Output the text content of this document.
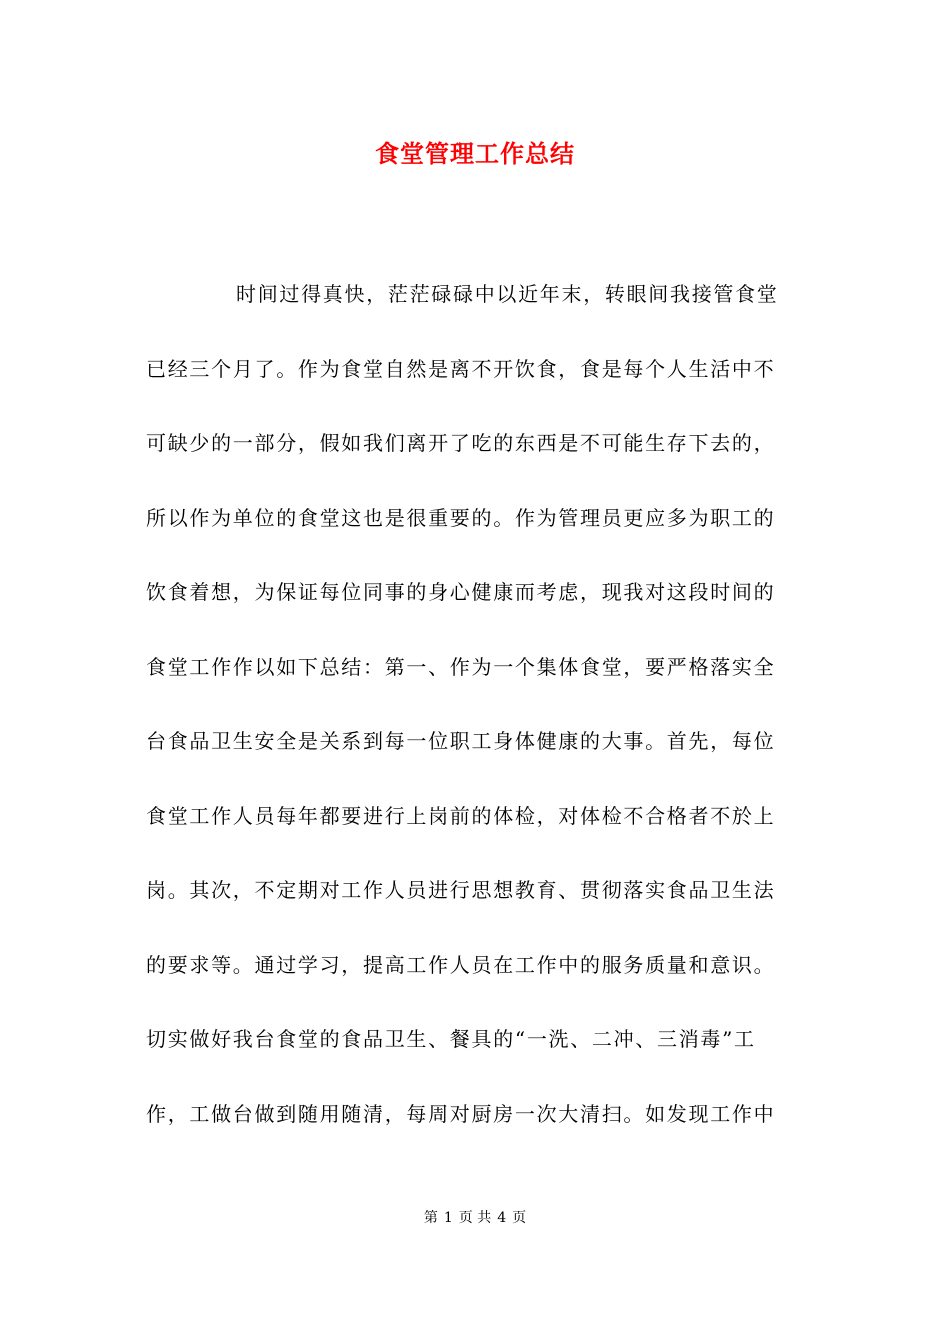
食堂管理工作总结
时间过得真快，茫茫碌碌中以近年末，转眼间我接管食堂
已经三个月了。作为食堂自然是离不开饮食，食是每个人生活中不
可缺少的一部分，假如我们离开了吃的东西是不可能生存下去的，
所以作为单位的食堂这也是很重要的。作为管理员更应多为职工的
饮食着想，为保证每位同事的身心健康而考虑，现我对这段时间的
食堂工作作以如下总结：第一、作为一个集体食堂，要严格落实全
台食品卫生安全是关系到每一位职工身体健康的大事。首先，每位
食堂工作人员每年都要进行上岗前的体检，对体检不合格者不於上
岗。其次，不定期对工作人员进行思想教育、贯彻落实食品卫生法
的要求等。通过学习，提高工作人员在工作中的服务质量和意识。
切实做好我台食堂的食品卫生、餐具的“一洗、二冲、三消毒”工
作，工做台做到随用随清，每周对厨房一次大清扫。如发现工作中
第 1 页 共 4 页
